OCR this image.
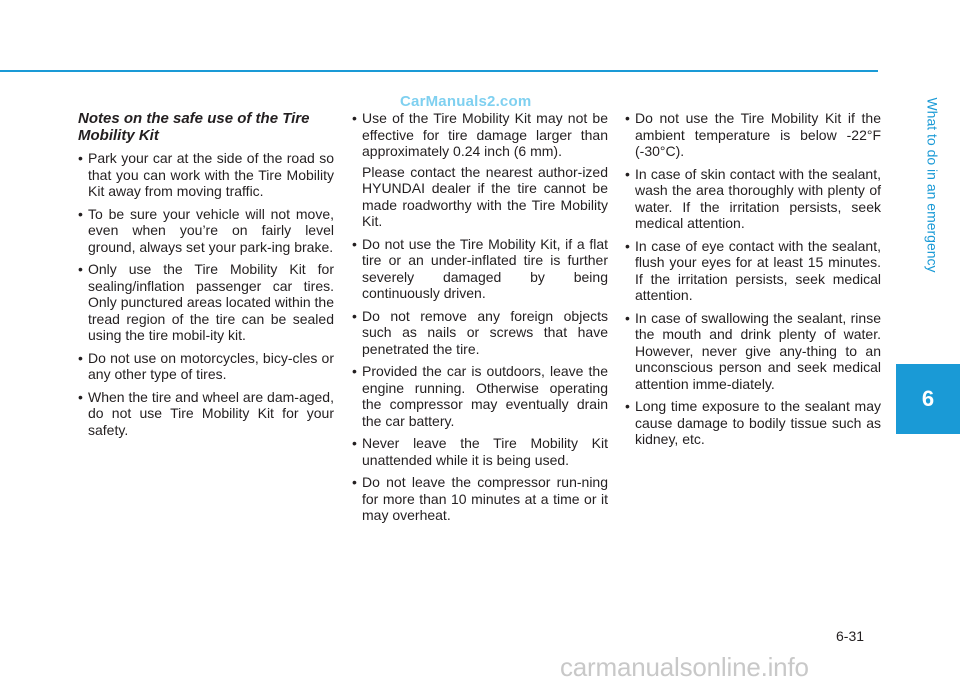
CarManuals2.com
Notes on the safe use of the Tire Mobility Kit
• Park your car at the side of the road so that you can work with the Tire Mobility Kit away from moving traffic.
• To be sure your vehicle will not move, even when you’re on fairly level ground, always set your park-ing brake.
• Only use the Tire Mobility Kit for sealing/inflation passenger car tires. Only punctured areas located within the tread region of the tire can be sealed using the tire mobil-ity kit.
• Do not use on motorcycles, bicy-cles or any other type of tires.
• When the tire and wheel are dam-aged, do not use Tire Mobility Kit for your safety.
• Use of the Tire Mobility Kit may not be effective for tire damage larger than approximately 0.24 inch (6 mm).
Please contact the nearest author-ized HYUNDAI dealer if the tire cannot be made roadworthy with the Tire Mobility Kit.
• Do not use the Tire Mobility Kit, if a flat tire or an under-inflated tire is further severely damaged by being continuously driven.
• Do not remove any foreign objects such as nails or screws that have penetrated the tire.
• Provided the car is outdoors, leave the engine running. Otherwise operating the compressor may eventually drain the car battery.
• Never leave the Tire Mobility Kit unattended while it is being used.
• Do not leave the compressor run-ning for more than 10 minutes at a time or it may overheat.
• Do not use the Tire Mobility Kit if the ambient temperature is below -22°F (-30°C).
• In case of skin contact with the sealant, wash the area thoroughly with plenty of water. If the irritation persists, seek medical attention.
• In case of eye contact with the sealant, flush your eyes for at least 15 minutes. If the irritation persists, seek medical attention.
• In case of swallowing the sealant, rinse the mouth and drink plenty of water. However, never give any-thing to an unconscious person and seek medical attention imme-diately.
• Long time exposure to the sealant may cause damage to bodily tissue such as kidney, etc.
What to do in an emergency
6
6-31
carmanualsonline.info
